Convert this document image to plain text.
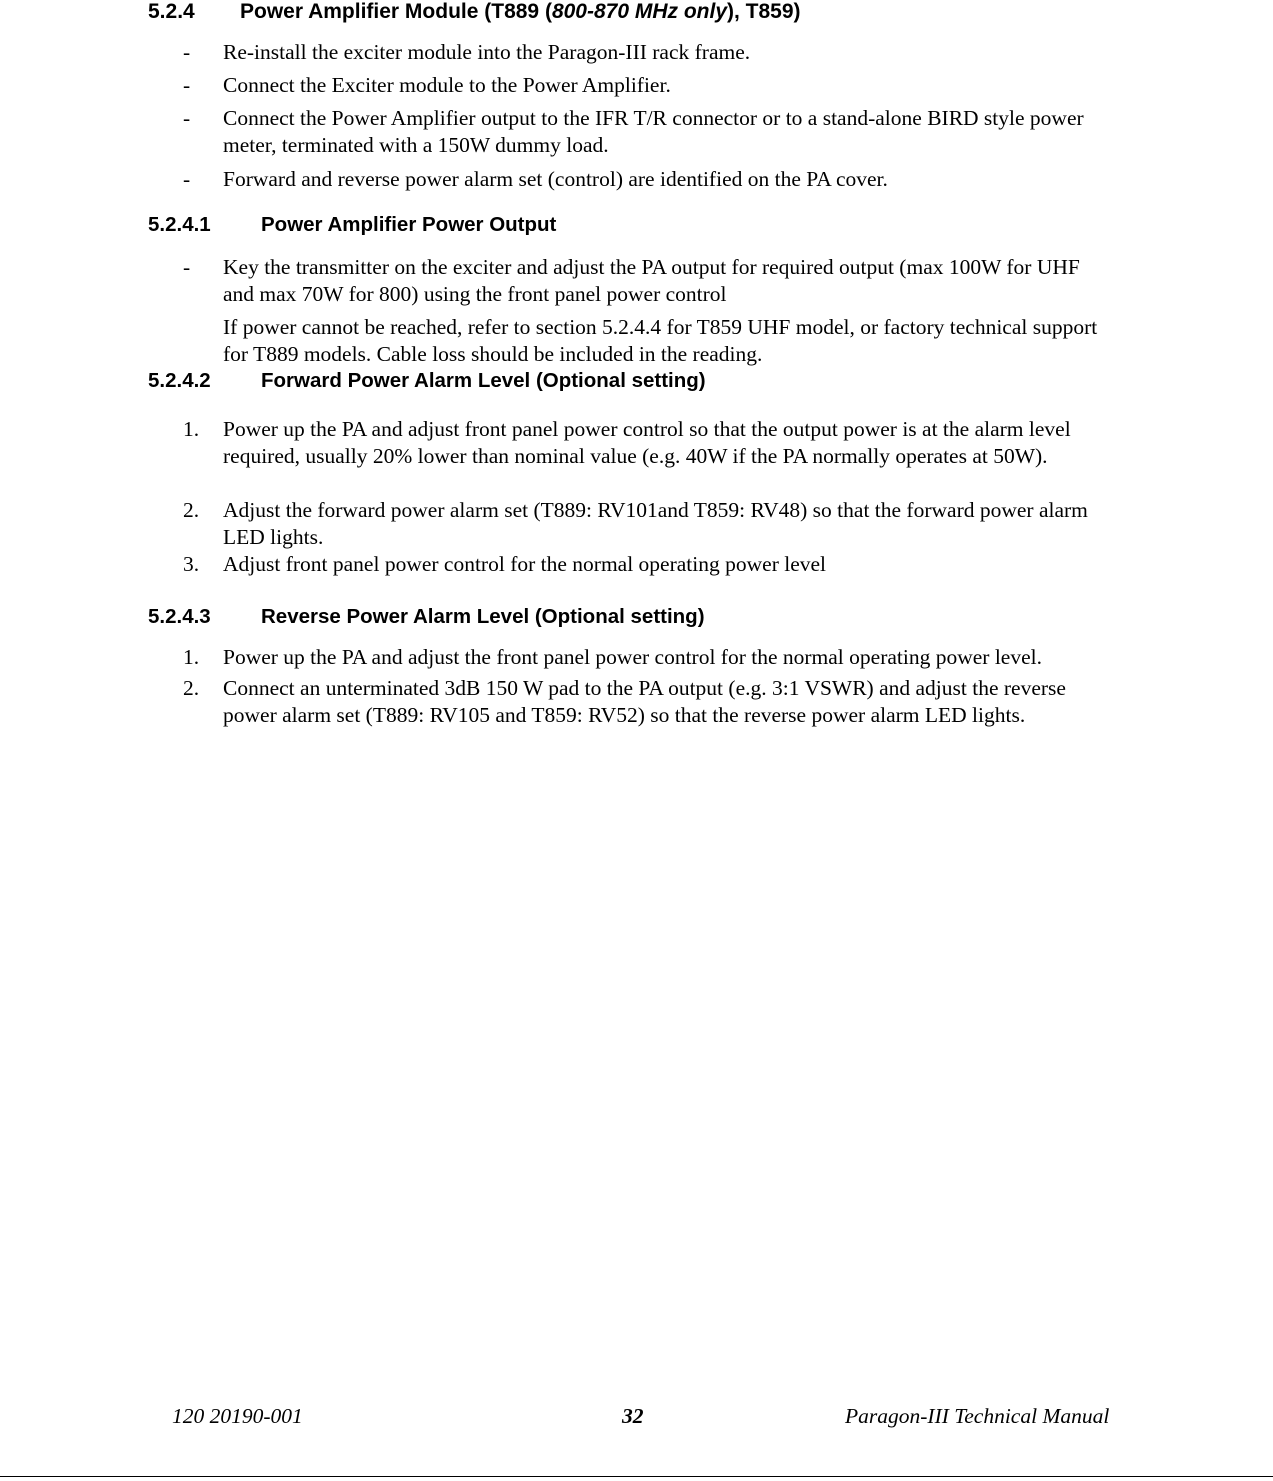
5.2.4 Power Amplifier Module (T889 (800-870 MHz only), T859)
- Re-install the exciter module into the Paragon-III rack frame.
- Connect the Exciter module to the Power Amplifier.
- Connect the Power Amplifier output to the IFR T/R connector or to a stand-alone BIRD style power meter, terminated with a 150W dummy load.
- Forward and reverse power alarm set (control) are identified on the PA cover.
5.2.4.1 Power Amplifier Power Output
- Key the transmitter on the exciter and adjust the PA output for required output (max 100W for UHF and max 70W for 800) using the front panel power control
If power cannot be reached, refer to section 5.2.4.4 for T859 UHF model, or factory technical support for T889 models. Cable loss should be included in the reading.
5.2.4.2 Forward Power Alarm Level (Optional setting)
1. Power up the PA and adjust front panel power control so that the output power is at the alarm level required, usually 20% lower than nominal value (e.g. 40W if the PA normally operates at 50W).
2. Adjust the forward power alarm set (T889: RV101and T859: RV48) so that the forward power alarm LED lights.
3. Adjust front panel power control for the normal operating power level
5.2.4.3 Reverse Power Alarm Level (Optional setting)
1. Power up the PA and adjust the front panel power control for the normal operating power level.
2. Connect an unterminated 3dB 150 W pad to the PA output (e.g. 3:1 VSWR) and adjust the reverse power alarm set (T889: RV105 and T859: RV52) so that the reverse power alarm LED lights.
120 20190-001	32	Paragon-III Technical Manual
